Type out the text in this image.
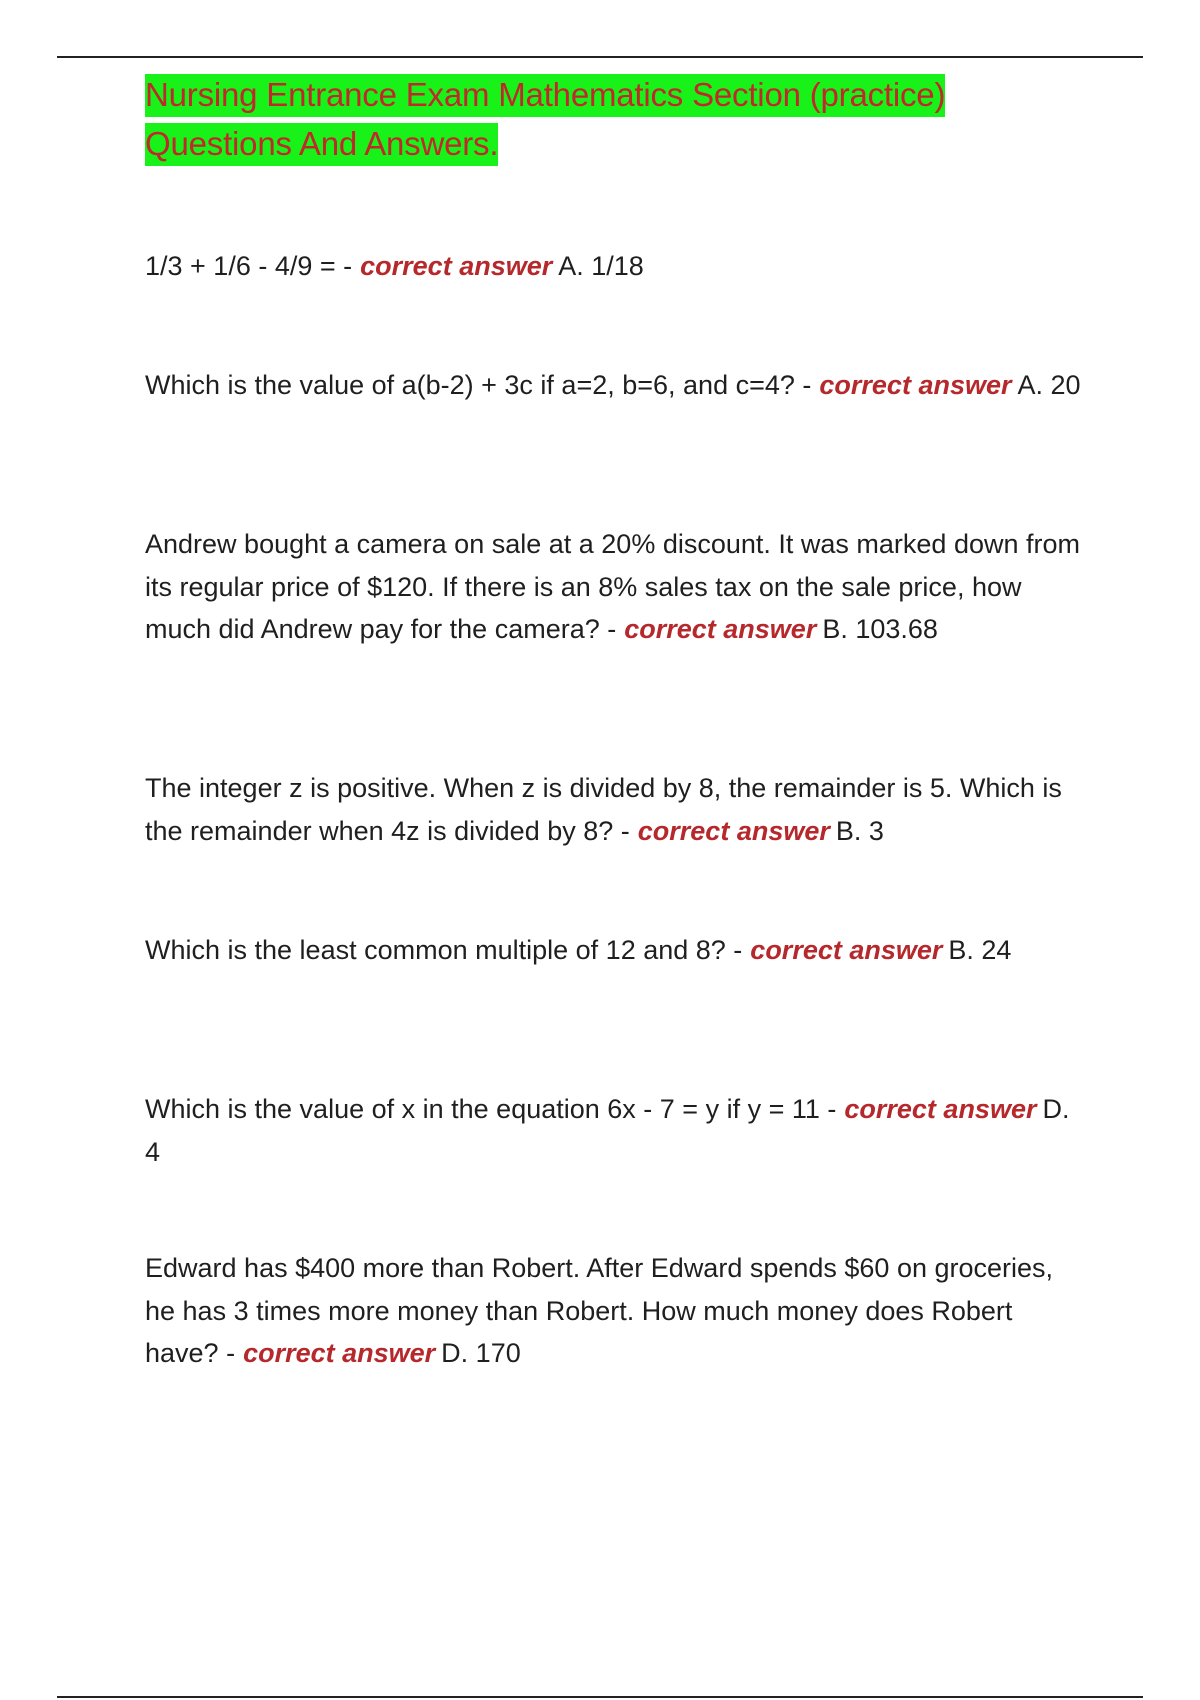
Nursing Entrance Exam Mathematics Section (practice) Questions And Answers.

1/3 + 1/6 - 4/9 = - correct answer A. 1/18

Which is the value of a(b-2) + 3c if a=2, b=6, and c=4? - correct answer A. 20

Andrew bought a camera on sale at a 20% discount. It was marked down from its regular price of $120. If there is an 8% sales tax on the sale price, how much did Andrew pay for the camera? - correct answer B. 103.68

The integer z is positive. When z is divided by 8, the remainder is 5. Which is the remainder when 4z is divided by 8? - correct answer B. 3

Which is the least common multiple of 12 and 8? - correct answer B. 24

Which is the value of x in the equation 6x - 7 = y if y = 11 - correct answer D. 4

Edward has $400 more than Robert. After Edward spends $60 on groceries, he has 3 times more money than Robert. How much money does Robert have? - correct answer D. 170
